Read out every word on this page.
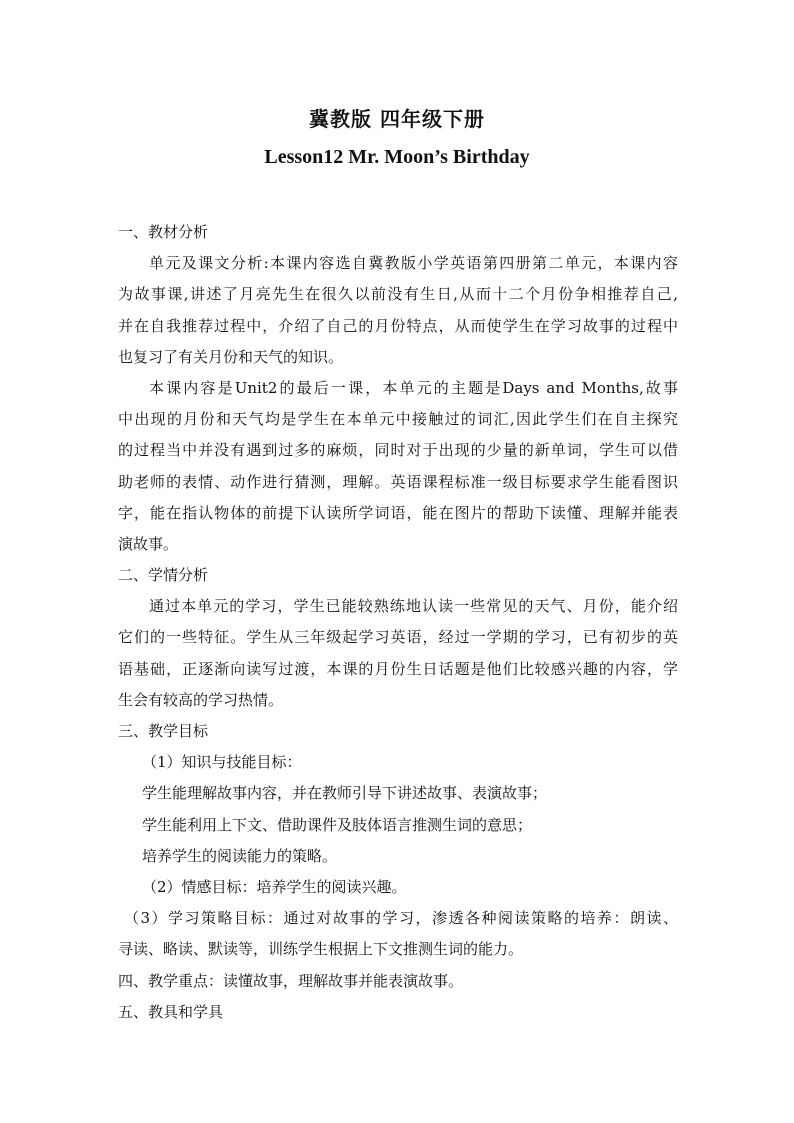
冀教版 四年级下册
Lesson12 Mr. Moon’s Birthday
一、教材分析
单元及课文分析:本课内容选自冀教版小学英语第四册第二单元，本课内容
为故事课,讲述了月亮先生在很久以前没有生日,从而十二个月份争相推荐自己,
并在自我推荐过程中，介绍了自己的月份特点，从而使学生在学习故事的过程中
也复习了有关月份和天气的知识。
本课内容是Unit2的最后一课，本单元的主题是Days and Months,故事
中出现的月份和天气均是学生在本单元中接触过的词汇,因此学生们在自主探究
的过程当中并没有遇到过多的麻烦，同时对于出现的少量的新单词，学生可以借
助老师的表情、动作进行猜测，理解。英语课程标准一级目标要求学生能看图识
字，能在指认物体的前提下认读所学词语，能在图片的帮助下读懂、理解并能表
演故事。
二、学情分析
通过本单元的学习，学生已能较熟练地认读一些常见的天气、月份，能介绍
它们的一些特征。学生从三年级起学习英语，经过一学期的学习，已有初步的英
语基础，正逐渐向读写过渡，本课的月份生日话题是他们比较感兴趣的内容，学
生会有较高的学习热情。
三、教学目标
（1）知识与技能目标：
学生能理解故事内容，并在教师引导下讲述故事、表演故事；
学生能利用上下文、借助课件及肢体语言推测生词的意思；
培养学生的阅读能力的策略。
（2）情感目标：培养学生的阅读兴趣。
（3）学习策略目标：通过对故事的学习，渗透各种阅读策略的培养：朗读、
寻读、略读、默读等，训练学生根据上下文推测生词的能力。
四、教学重点：读懂故事，理解故事并能表演故事。
五、教具和学具
